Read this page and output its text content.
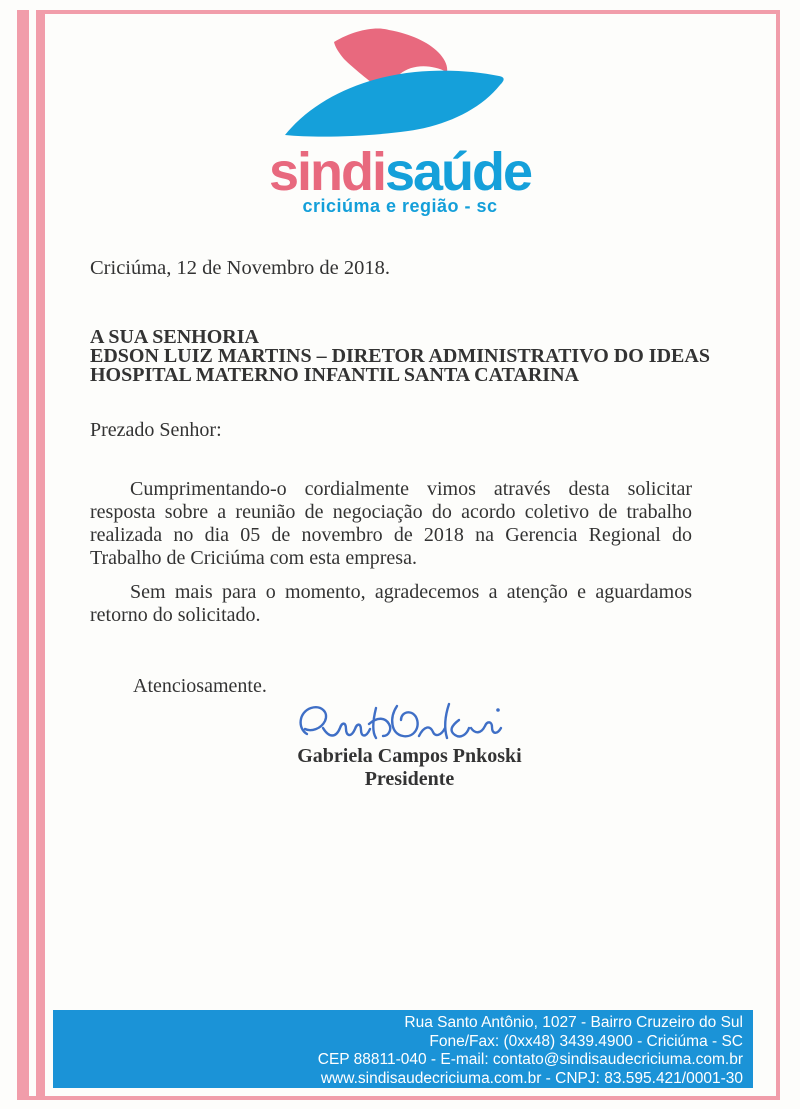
sindisaúde
criciúma e região - sc
Criciúma, 12 de Novembro de 2018.
A SUA SENHORIA
EDSON LUIZ MARTINS – DIRETOR ADMINISTRATIVO DO IDEAS
HOSPITAL MATERNO INFANTIL SANTA CATARINA
Prezado Senhor:

Cumprimentando-o cordialmente vimos através desta solicitar resposta sobre a reunião de negociação do acordo coletivo de trabalho realizada no dia 05 de novembro de 2018 na Gerencia Regional do Trabalho de Criciúma com esta empresa.

Sem mais para o momento, agradecemos a atenção e aguardamos retorno do solicitado.

Atenciosamente.
Gabriela Campos Pnkoski
Presidente
Rua Santo Antônio, 1027 - Bairro Cruzeiro do Sul
Fone/Fax: (0xx48) 3439.4900 - Criciúma - SC
CEP 88811-040 - E-mail: contato@sindisaudecriciuma.com.br
www.sindisaudecriciuma.com.br - CNPJ: 83.595.421/0001-30
